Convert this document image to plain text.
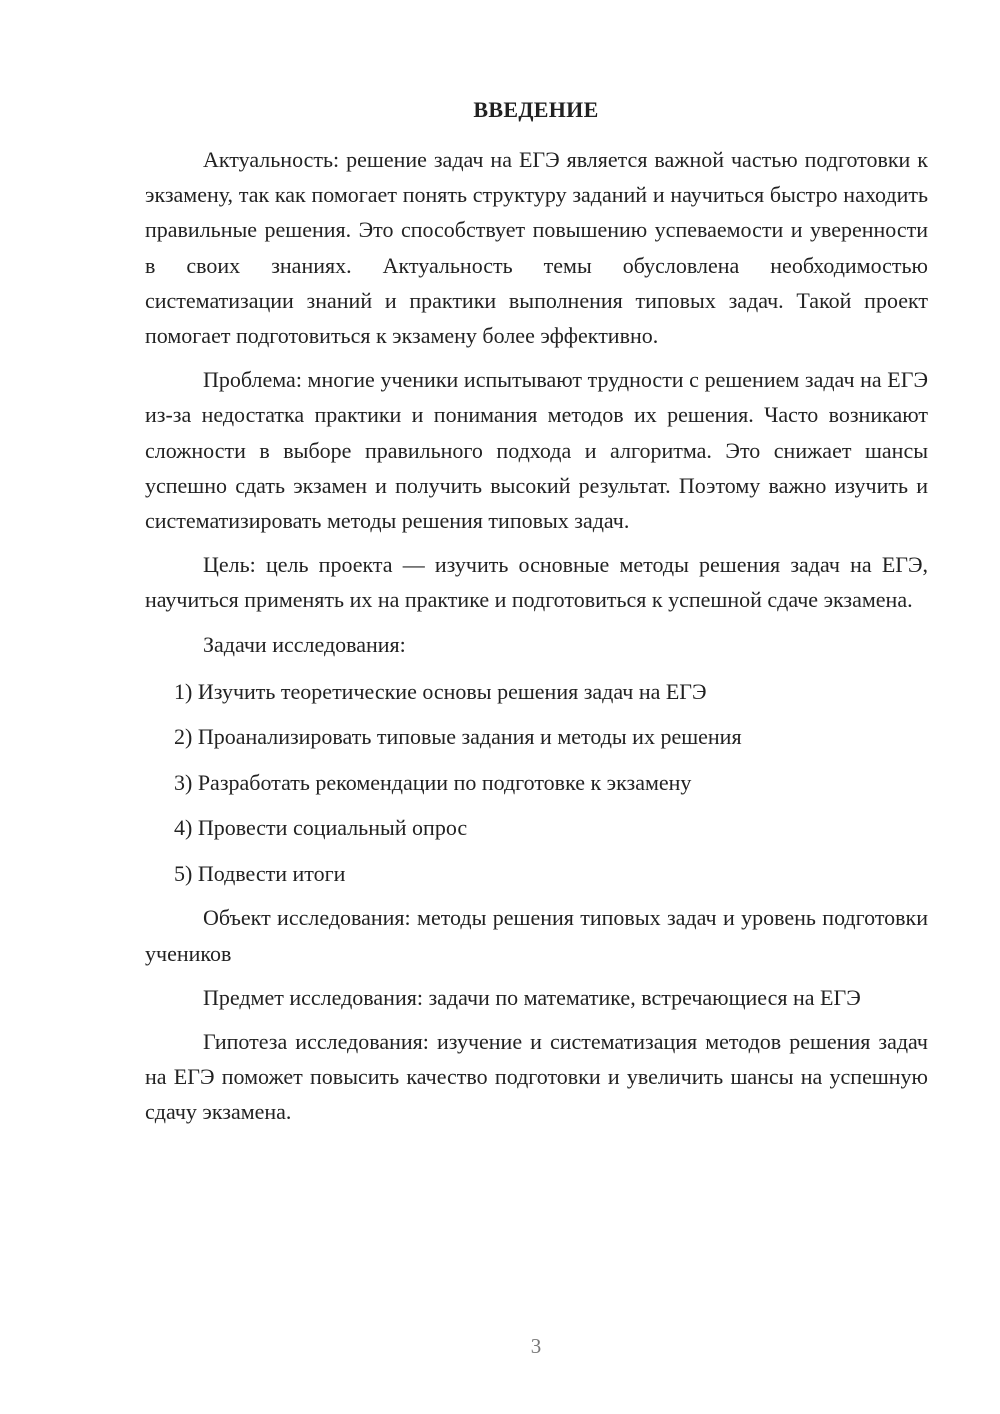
ВВЕДЕНИЕ

Актуальность: решение задач на ЕГЭ является важной частью подготовки к экзамену, так как помогает понять структуру заданий и научиться быстро находить правильные решения. Это способствует повышению успеваемости и уверенности в своих знаниях. Актуальность темы обусловлена необходимостью систематизации знаний и практики выполнения типовых задач. Такой проект помогает подготовиться к экзамену более эффективно.

Проблема: многие ученики испытывают трудности с решением задач на ЕГЭ из-за недостатка практики и понимания методов их решения. Часто возникают сложности в выборе правильного подхода и алгоритма. Это снижает шансы успешно сдать экзамен и получить высокий результат. Поэтому важно изучить и систематизировать методы решения типовых задач.

Цель: цель проекта — изучить основные методы решения задач на ЕГЭ, научиться применять их на практике и подготовиться к успешной сдаче экзамена.

Задачи исследования:

1) Изучить теоретические основы решения задач на ЕГЭ
2) Проанализировать типовые задания и методы их решения
3) Разработать рекомендации по подготовке к экзамену
4) Провести социальный опрос
5) Подвести итоги

Объект исследования: методы решения типовых задач и уровень подготовки учеников

Предмет исследования: задачи по математике, встречающиеся на ЕГЭ

Гипотеза исследования: изучение и систематизация методов решения задач на ЕГЭ поможет повысить качество подготовки и увеличить шансы на успешную сдачу экзамена.

3
